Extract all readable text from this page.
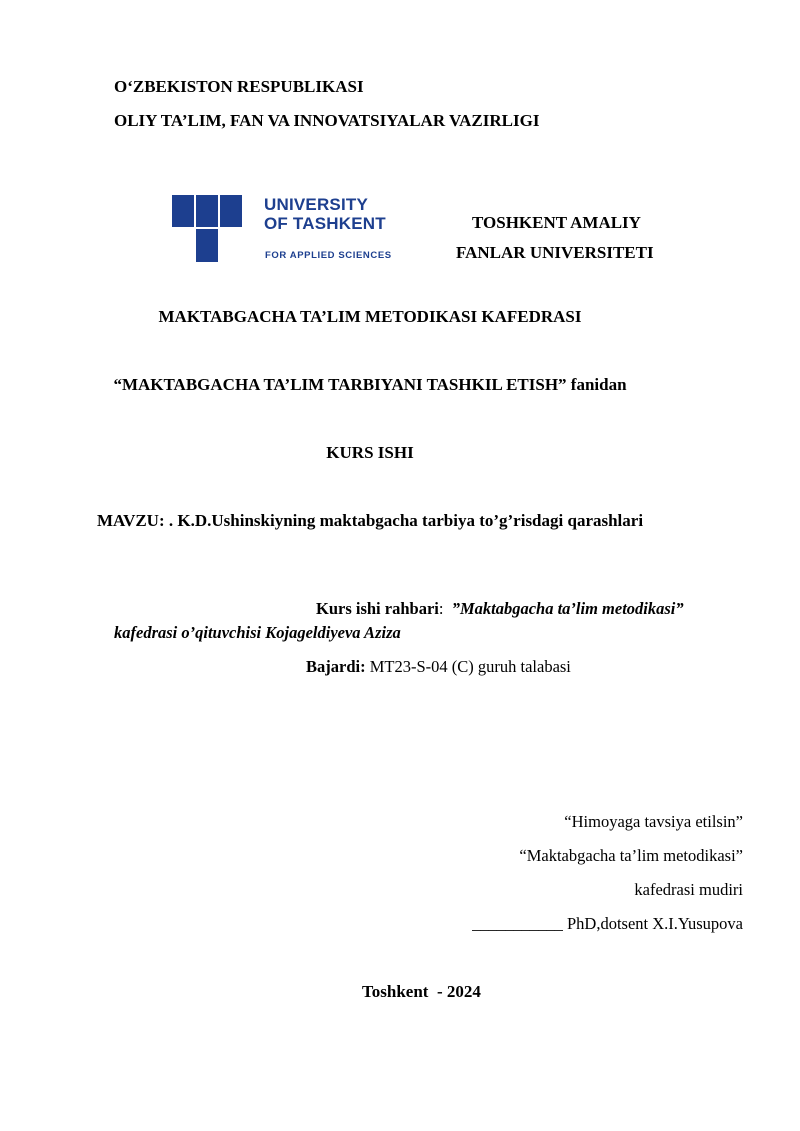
O‘ZBEKISTON RESPUBLIKASI
OLIY TA’LIM, FAN VA INNOVATSIYALAR VAZIRLIGI
UNIVERSITY
OF TASHKENT
FOR APPLIED SCIENCES
TOSHKENT AMALIY
FANLAR UNIVERSITETI
MAKTABGACHA TA’LIM METODIKASI KAFEDRASI
“MAKTABGACHA TA’LIM TARBIYANI TASHKIL ETISH” fanidan
KURS ISHI
MAVZU: . K.D.Ushinskiyning maktabgacha tarbiya to’g’risdagi qarashlari
Kurs ishi rahbari: ”Maktabgacha ta’lim metodikasi”
kafedrasi o’qituvchisi Kojageldiyeva Aziza
Bajardi: MT23-S-04 (C) guruh talabasi
“Himoyaga tavsiya etilsin”
“Maktabgacha ta’lim metodikasi”
kafedrasi mudiri
___________ PhD,dotsent X.I.Yusupova
Toshkent  - 2024
